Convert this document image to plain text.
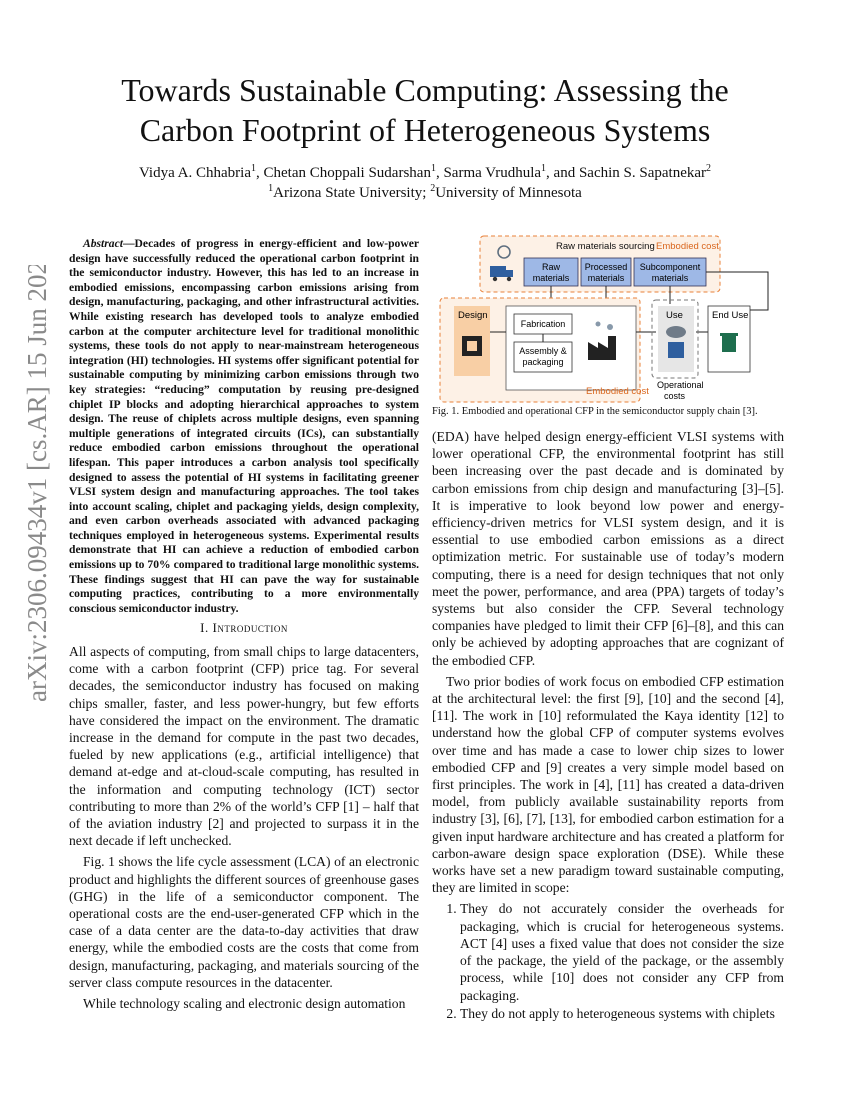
arXiv:2306.09434v1 [cs.AR] 15 Jun 2023
Towards Sustainable Computing: Assessing the
Carbon Footprint of Heterogeneous Systems
Vidya A. Chhabria$^1$, Chetan Choppali Sudarshan$^1$, Sarma Vrudhula$^1$, and Sachin S. Sapatnekar$^2$
$^1$Arizona State University; $^2$University of Minnesota

Abstract—Decades of progress in energy-efficient and low-power design have successfully reduced the operational carbon footprint in the semiconductor industry. However, this has led to an increase in embodied emissions, encompassing carbon emissions arising from design, manufacturing, packaging, and other infrastructural activities. While existing research has developed tools to analyze embodied carbon at the computer architecture level for traditional monolithic systems, these tools do not apply to near-mainstream heterogeneous integration (HI) technologies. HI systems offer significant potential for sustainable computing by minimizing carbon emissions through two key strategies: “reducing” computation by reusing pre-designed chiplet IP blocks and adopting hierarchical approaches to system design. The reuse of chiplets across multiple designs, even spanning multiple generations of integrated circuits (ICs), can substantially reduce embodied carbon emissions throughout the operational lifespan. This paper introduces a carbon analysis tool specifically designed to assess the potential of HI systems in facilitating greener VLSI system design and manufacturing approaches. The tool takes into account scaling, chiplet and packaging yields, design complexity, and even carbon overheads associated with advanced packaging techniques employed in heterogeneous systems. Experimental results demonstrate that HI can achieve a reduction of embodied carbon emissions up to 70% compared to traditional large monolithic systems. These findings suggest that HI can pave the way for sustainable computing practices, contributing to a more environmentally conscious semiconductor industry.

I. Introduction

All aspects of computing, from small chips to large datacenters, come with a carbon footprint (CFP) price tag. For several decades, the semiconductor industry has focused on making chips smaller, faster, and less power-hungry, but few efforts have considered the impact on the environment. The dramatic increase in the demand for compute in the past two decades, fueled by new applications (e.g., artificial intelligence) that demand at-edge and at-cloud-scale computing, has resulted in the information and computing technology (ICT) sector contributing to more than 2% of the world’s CFP [1] – half that of the aviation industry [2] and projected to surpass it in the next decade if left unchecked.

Fig. 1 shows the life cycle assessment (LCA) of an electronic product and highlights the different sources of greenhouse gases (GHG) in the life of a semiconductor component. The operational costs are the end-user-generated CFP which in the case of a data center are the data-to-day activities that draw energy, while the embodied costs are the costs that come from design, manufacturing, packaging, and materials sourcing of the server class compute resources in the datacenter.

While technology scaling and electronic design automation

Raw materials sourcing Embodied cost
Raw
materials
Processed
materials
Subcomponent
materials
Design
Fabrication
Assembly &
packaging
Embodied cost
Use
Operational
costs
End Use
Fig. 1. Embodied and operational CFP in the semiconductor supply chain [3].

(EDA) have helped design energy-efficient VLSI systems with lower operational CFP, the environmental footprint has still been increasing over the past decade and is dominated by carbon emissions from chip design and manufacturing [3]–[5]. It is imperative to look beyond low power and energy-efficiency-driven metrics for VLSI system design, and it is essential to use embodied carbon emissions as a direct optimization metric. For sustainable use of today’s modern computing, there is a need for design techniques that not only meet the power, performance, and area (PPA) targets of today’s systems but also consider the CFP. Several technology companies have pledged to limit their CFP [6]–[8], and this can only be achieved by adopting approaches that are cognizant of the embodied CFP.

Two prior bodies of work focus on embodied CFP estimation at the architectural level: the first [9], [10] and the second [4], [11]. The work in [10] reformulated the Kaya identity [12] to understand how the global CFP of computer systems evolves over time and has made a case to lower chip sizes to lower embodied CFP and [9] creates a very simple model based on first principles. The work in [4], [11] has created a data-driven model, from publicly available sustainability reports from industry [3], [6], [7], [13], for embodied carbon estimation for a given input hardware architecture and has created a platform for carbon-aware design space exploration (DSE). While these works have set a new paradigm toward sustainable computing, they are limited in scope:

1. They do not accurately consider the overheads for packaging, which is crucial for heterogeneous systems. ACT [4] uses a fixed value that does not consider the size of the package, the yield of the package, or the assembly process, while [10] does not consider any CFP from packaging.
2. They do not apply to heterogeneous systems with chiplets
